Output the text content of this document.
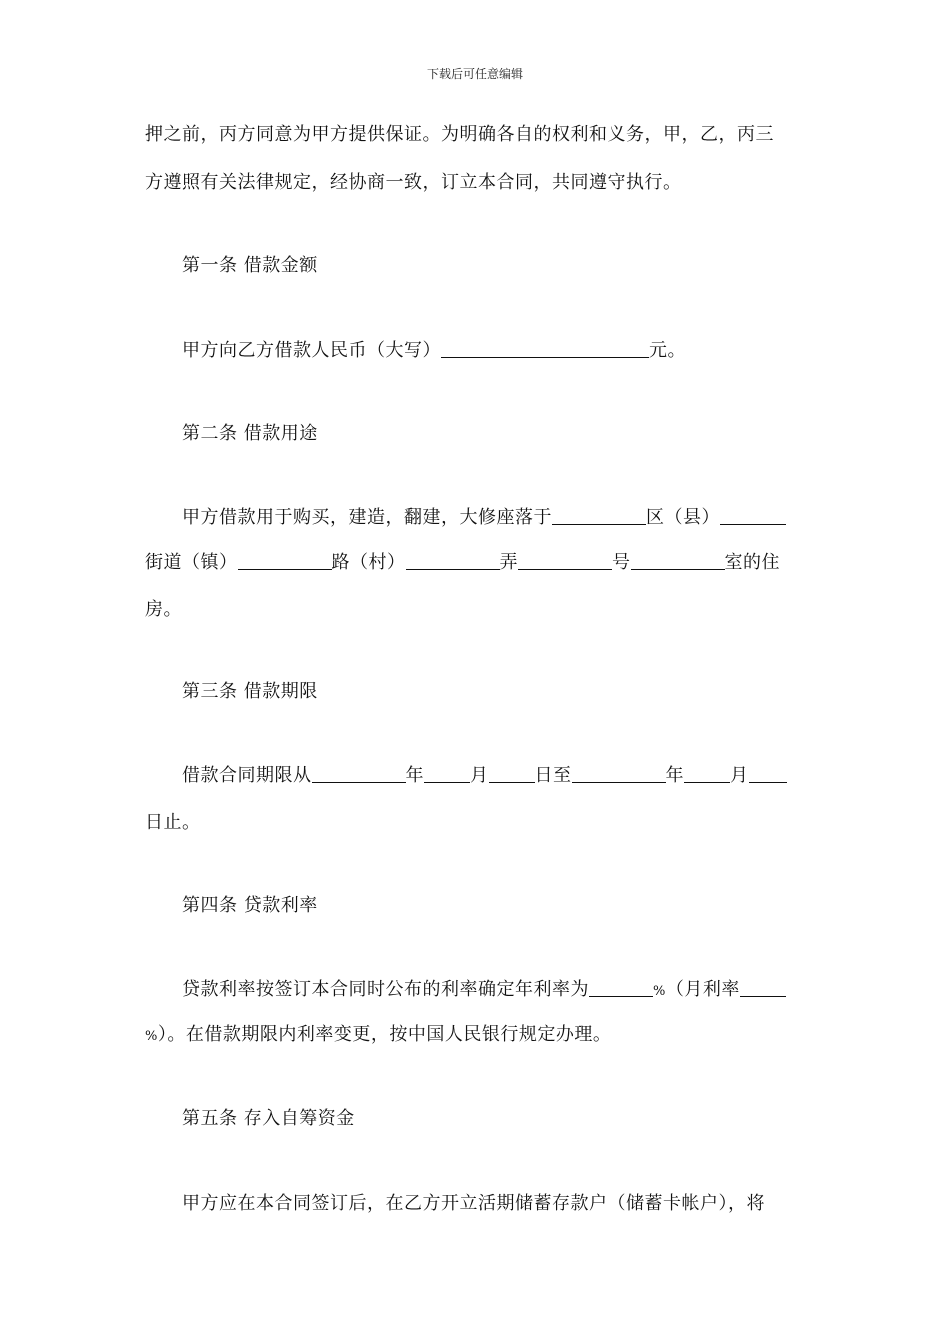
下载后可任意编辑
押之前，丙方同意为甲方提供保证。为明确各自的权利和义务，甲，乙，丙三
方遵照有关法律规定，经协商一致，订立本合同，共同遵守执行。
第一条 借款金额
甲方向乙方借款人民币（大写）	元。
第二条 借款用途
甲方借款用于购买，建造，翻建，大修座落于	区（县）
街道（镇）	路（村）	弄	号	室的住
房。
第三条 借款期限
借款合同期限从	年	月	日至	年	月
日止。
第四条 贷款利率
贷款利率按签订本合同时公布的利率确定年利率为	%（月利率
%）。在借款期限内利率变更，按中国人民银行规定办理。
第五条 存入自筹资金
甲方应在本合同签订后，在乙方开立活期储蓄存款户（储蓄卡帐户），将
